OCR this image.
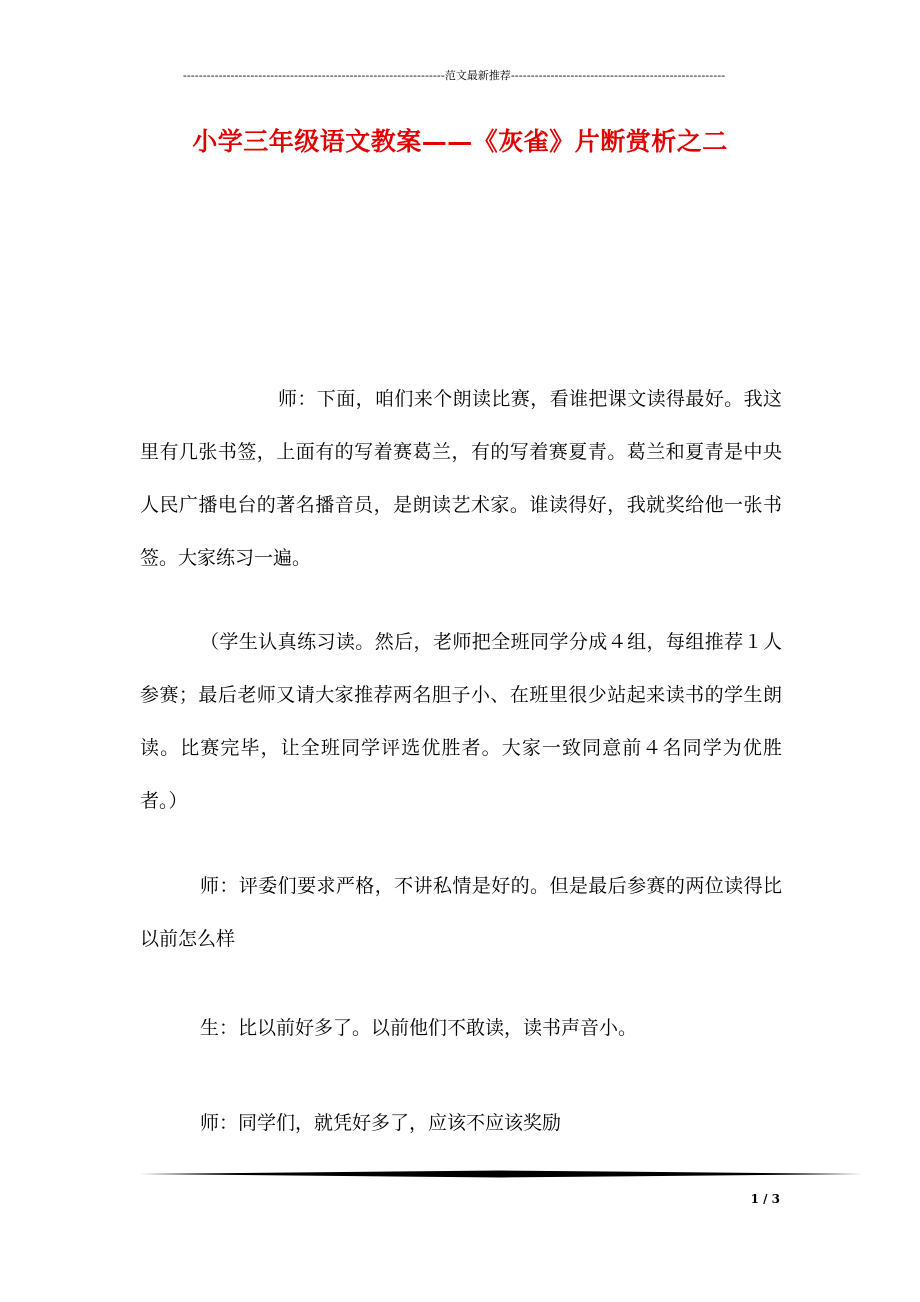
------------------------------------------------------------------范文最新推荐------------------------------------------------------
小学三年级语文教案——《灰雀》片断赏析之二

师：下面，咱们来个朗读比赛，看谁把课文读得最好。我这里有几张书签，上面有的写着赛葛兰，有的写着赛夏青。葛兰和夏青是中央人民广播电台的著名播音员，是朗读艺术家。谁读得好，我就奖给他一张书签。大家练习一遍。

（学生认真练习读。然后，老师把全班同学分成４组，每组推荐１人参赛；最后老师又请大家推荐两名胆子小、在班里很少站起来读书的学生朗读。比赛完毕，让全班同学评选优胜者。大家一致同意前４名同学为优胜者。）

师：评委们要求严格，不讲私情是好的。但是最后参赛的两位读得比以前怎么样

生：比以前好多了。以前他们不敢读，读书声音小。

师：同学们，就凭好多了，应该不应该奖励

1 / 3
